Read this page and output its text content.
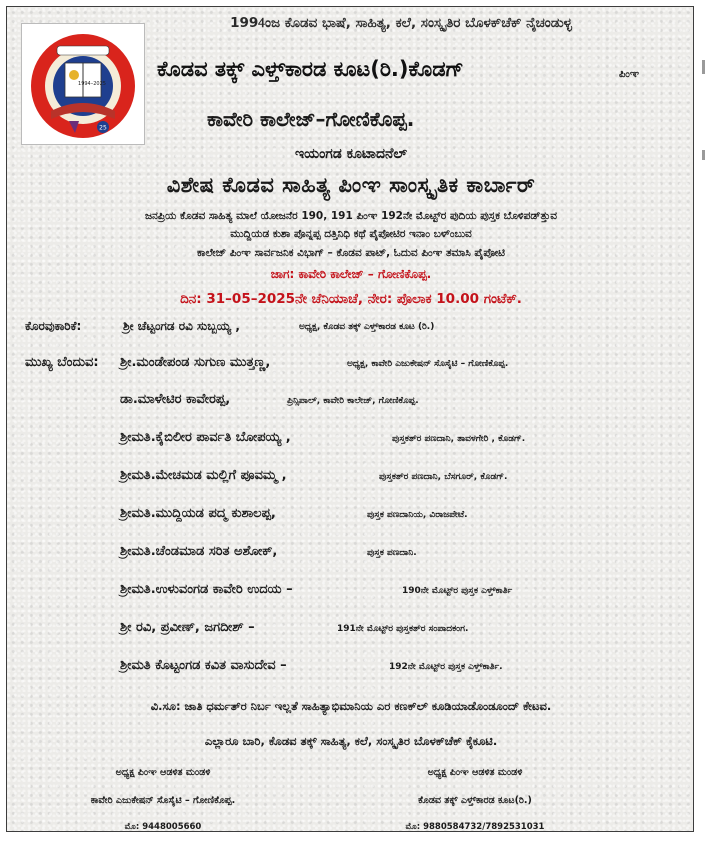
1994–2025
25
1994ಂಜ ಕೊಡವ ಭಾಷೆ, ಸಾಹಿತ್ಯ, ಕಲೆ, ಸಂಸ್ಕೃತಿರ ಬೊಳಕ್‌ಚೆಕ್ ನೈಚಂಡುಳ್ಳ
ಕೊಡವ ತಕ್ಕ್ ಎಳ್ತ್‌ಕಾರಡ ಕೂಟ(ರಿ.)ಕೊಡಗ್	ಪಿಂಞ
ಕಾವೇರಿ ಕಾಲೇಜ್–ಗೋಣಿಕೊಪ್ಪ.
ಇಯಂಗಡ ಕೂಟಾದನೆಲ್
ವಿಶೇಷ ಕೊಡವ ಸಾಹಿತ್ಯ ಪಿಂಞ ಸಾಂಸ್ಕೃತಿಕ ಕಾರ್ಬಾರ್
ಜನಪ್ರಿಯ ಕೊಡವ ಸಾಹಿತ್ಯ ಮಾಲೆ ಯೋಜನೆರ 190, 191 ಪಿಂಞ 192ನೇ ಮೊಟ್ಟ್‌ರ ಪುದಿಯ ಪುಸ್ತಕ ಬೊಳಿಪಡ್‌ತ್ತುವ
ಮುದ್ದಿಯಡ ಕುಶಾ ಪೊನ್ನಪ್ಪ ದತ್ತಿನಿಧಿ ಕಥೆ ಪೈಪೋಟಿರ ಇನಾಂ ಬಳ್‌ಂಬುವ
ಕಾಲೇಜ್ ಪಿಂಞ ಸಾರ್ವಜನಿಕ ವಿಭಾಗ್‌ – ಕೊಡವ ಪಾಟ್, ಓದುವ ಪಿಂಞ ತಮಾಸಿ ಪೈಪೋಟಿ
ಜಾಗ: ಕಾವೇರಿ ಕಾಲೇಜ್ – ಗೋಣಿಕೊಪ್ಪ.
ದಿನ: 31–05–2025ನೇ ಚೆನಿಯಾಚೆ, ನೇರ: ಪೊಲಾಕ 10.00 ಗಂಟೆಕ್.
ಕೊರವುಕಾರಿಕೆ:	ಶ್ರೀ ಚೆಟ್ಟಂಗಡ ರವಿ ಸುಬ್ಬಯ್ಯ ,	ಅಧ್ಯಕ್ಷ, ಕೊಡವ ತಕ್ಕ್ ಎಳ್ತ್‌ಕಾರಡ ಕೂಟ (ರಿ.)
ಮುಖ್ಯ ಬೆಂದುವ: ಶ್ರೀ.ಮಂಡೇಪಂಡ ಸುಗುಣ ಮುತ್ತಣ್ಣ,	ಅಧ್ಯಕ್ಷ, ಕಾವೇರಿ ಎಜುಕೇಷನ್ ಸೊಸೈಟಿ – ಗೋಣಿಕೊಪ್ಪ.
ಡಾ.ಮಾಳೇಟಿರ ಕಾವೇರಪ್ಪ,	ಪ್ರಿನ್ಸಿಪಾಲ್, ಕಾವೇರಿ ಕಾಲೇಜ್, ಗೋಣಿಕೊಪ್ಪ.
ಶ್ರೀಮತಿ.ಕೈಬಿಲೀರ ಪಾರ್ವತಿ ಬೋಪಯ್ಯ ,	ಪುಸ್ತಕತ್‌ರ ಪಣದಾನಿ, ತಾವಳಗೇರಿ , ಕೊಡಗ್.
ಶ್ರೀಮತಿ.ಮೇಚಮಡ ಮಲ್ಲಿಗೆ ಪೂವಮ್ಮ ,	ಪುಸ್ತಕತ್‌ರ ಪಣದಾನಿ, ಬೆಸಗೂರ್, ಕೊಡಗ್.
ಶ್ರೀಮತಿ.ಮುದ್ದಿಯಡ ಪದ್ಮ ಕುಶಾಲಪ್ಪ,	ಪುಸ್ತಕ ಪಣದಾನಿಯ, ವಿರಾಜಪೇಟೆ.
ಶ್ರೀಮತಿ.ಚೆಂಡಮಾಡ ಸರಿತ ಅಶೋಕ್,	ಪುಸ್ತಕ ಪಣದಾನಿ.
ಶ್ರೀಮತಿ.ಉಳುವಂಗಡ ಕಾವೇರಿ ಉದಯ –	190ನೇ ಮೊಟ್ಟ್‌ರ ಪುಸ್ತಕ ಎಳ್ತ್‌ಕಾರ್ತಿ
ಶ್ರೀ ರವಿ, ಪ್ರವೀಣ್, ಜಗದೀಶ್ –	191ನೇ ಮೊಟ್ಟ್‌ರ ಪುಸ್ತಕತ್‌ರ ಸಂಪಾದಕಂಗ.
ಶ್ರೀಮತಿ ಕೊಟ್ಟಂಗಡ ಕವಿತ ವಾಸುದೇವ –	192ನೇ ಮೊಟ್ಟ್‌ರ ಪುಸ್ತಕ ಎಳ್ತ್‌ಕಾರ್ತಿ.
ವಿ.ಸೂ: ಜಾತಿ ಧರ್ಮತ್‌ರ ನಿರ್ಬ ಇಲ್ಲತೆ ಸಾಹಿತ್ಯಾಭಿಮಾನಿಯ ಎರ ಕಣಕ್‌ಲ್ ಕೂಡಿಯಾಡೊಂಡೂಂದ್ ಕೇಟವ.
ಎಲ್ಲಾರೂ ಬಾರಿ, ಕೊಡವ ತಕ್ಕ್ ಸಾಹಿತ್ಯ, ಕಲೆ, ಸಂಸ್ಕೃತಿರ ಬೊಳಕ್‌ಚೆಕ್ ಕೈಕೂಟಿ.
ಅಧ್ಯಕ್ಷ ಪಿಂಞ ಆಡಳಿತ ಮಂಡಳಿ
ಕಾವೇರಿ ಎಜುಕೇಷನ್ ಸೊಸೈಟಿ – ಗೋಣಿಕೊಪ್ಪ.
ಮೊ: 9448005660
ಅಧ್ಯಕ್ಷ ಪಿಂಞ ಆಡಳಿತ ಮಂಡಳಿ
ಕೊಡವ ತಕ್ಕ್ ಎಳ್ತ್‌ಕಾರಡ ಕೂಟ(ರಿ.)
ಮೊ: 9880584732/7892531031
